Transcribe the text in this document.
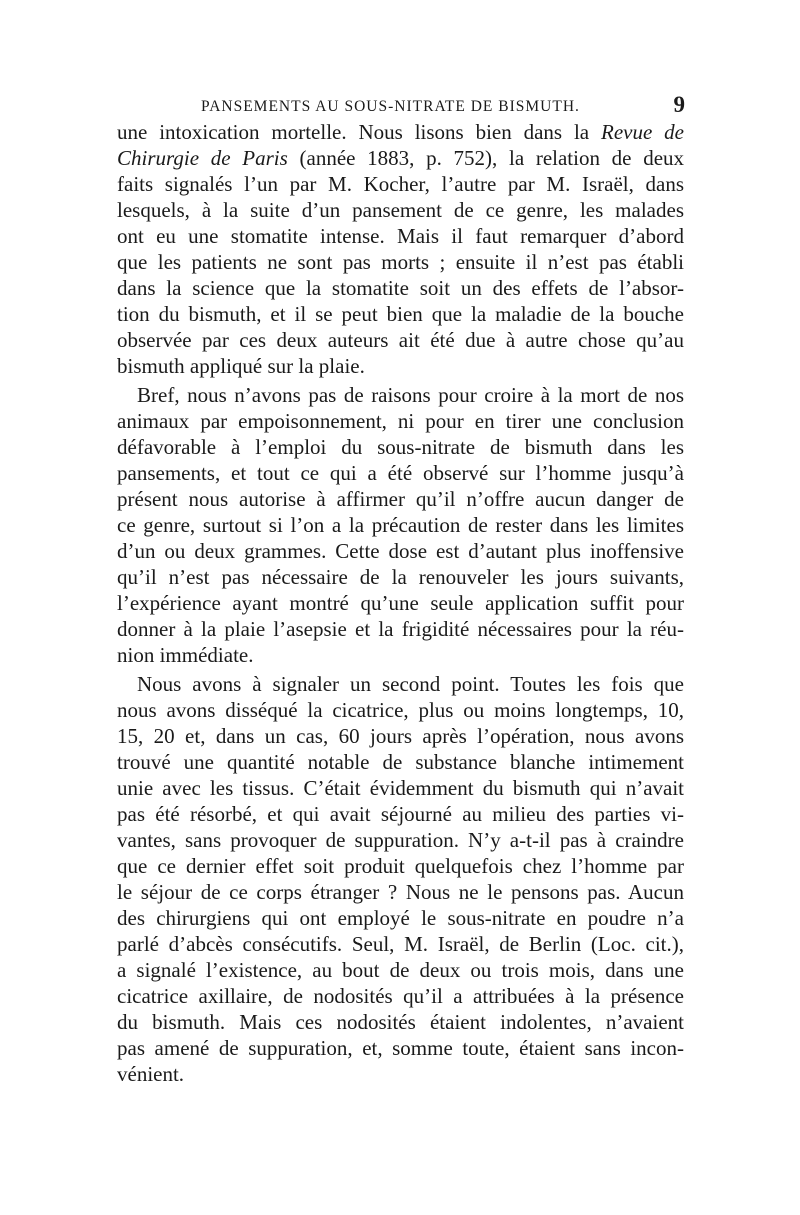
PANSEMENTS AU SOUS-NITRATE DE BISMUTH.	9
une intoxication mortelle. Nous lisons bien dans la Revue de
Chirurgie de Paris (année 1883, p. 752), la relation de deux
faits signalés l’un par M. Kocher, l’autre par M. Israël, dans
lesquels, à la suite d’un pansement de ce genre, les malades
ont eu une stomatite intense. Mais il faut remarquer d’abord
que les patients ne sont pas morts ; ensuite il n’est pas établi
dans la science que la stomatite soit un des effets de l’absor-
tion du bismuth, et il se peut bien que la maladie de la bouche
observée par ces deux auteurs ait été due à autre chose qu’au
bismuth appliqué sur la plaie.
Bref, nous n’avons pas de raisons pour croire à la mort de nos
animaux par empoisonnement, ni pour en tirer une conclusion
défavorable à l’emploi du sous-nitrate de bismuth dans les
pansements, et tout ce qui a été observé sur l’homme jusqu’à
présent nous autorise à affirmer qu’il n’offre aucun danger de
ce genre, surtout si l’on a la précaution de rester dans les limites
d’un ou deux grammes. Cette dose est d’autant plus inoffensive
qu’il n’est pas nécessaire de la renouveler les jours suivants,
l’expérience ayant montré qu’une seule application suffit pour
donner à la plaie l’asepsie et la frigidité nécessaires pour la réu-
nion immédiate.
Nous avons à signaler un second point. Toutes les fois que
nous avons disséqué la cicatrice, plus ou moins longtemps, 10,
15, 20 et, dans un cas, 60 jours après l’opération, nous avons
trouvé une quantité notable de substance blanche intimement
unie avec les tissus. C’était évidemment du bismuth qui n’avait
pas été résorbé, et qui avait séjourné au milieu des parties vi-
vantes, sans provoquer de suppuration. N’y a-t-il pas à craindre
que ce dernier effet soit produit quelquefois chez l’homme par
le séjour de ce corps étranger ? Nous ne le pensons pas. Aucun
des chirurgiens qui ont employé le sous-nitrate en poudre n’a
parlé d’abcès consécutifs. Seul, M. Israël, de Berlin (Loc. cit.),
a signalé l’existence, au bout de deux ou trois mois, dans une
cicatrice axillaire, de nodosités qu’il a attribuées à la présence
du bismuth. Mais ces nodosités étaient indolentes, n’avaient
pas amené de suppuration, et, somme toute, étaient sans incon-
vénient.
